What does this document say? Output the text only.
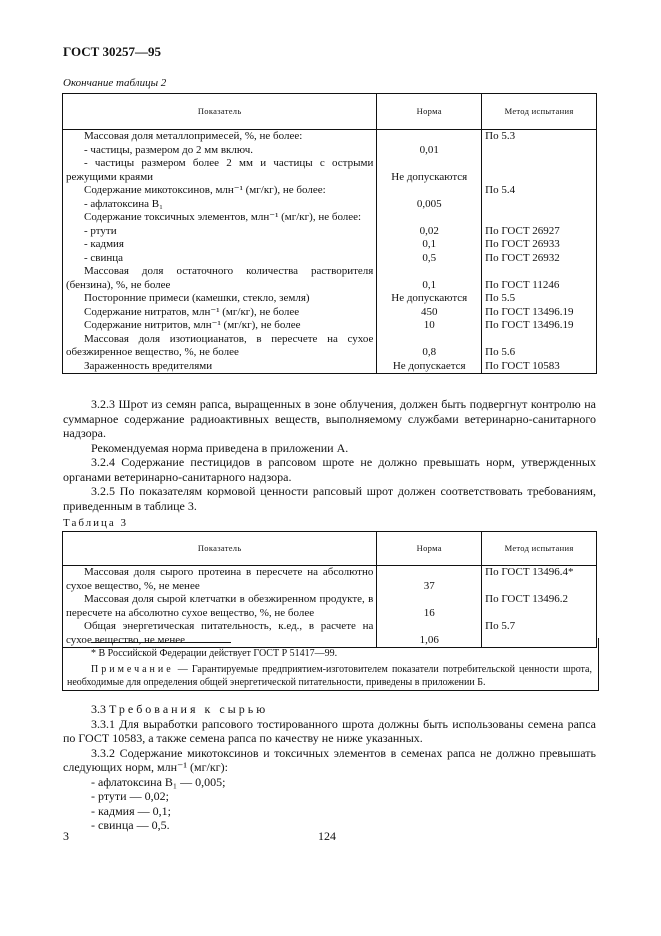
ГОСТ 30257—95
Окончание таблицы 2
Показатель	Норма	Метод испытания
Массовая доля металлопримесей, %, не более:		По 5.3
- частицы, размером до 2 мм включ.	0,01	
- частицы размером более 2 мм и частицы с острыми режущими краями	Не допускаются	
Содержание микотоксинов, млн⁻¹ (мг/кг), не более:		По 5.4
- афлатоксина B₁	0,005	
Содержание токсичных элементов, млн⁻¹ (мг/кг), не более:		
- ртути	0,02	По ГОСТ 26927
- кадмия	0,1	По ГОСТ 26933
- свинца	0,5	По ГОСТ 26932
Массовая доля остаточного количества растворителя (бензина), %, не более	0,1	По ГОСТ 11246
Посторонние примеси (камешки, стекло, земля)	Не допускаются	По 5.5
Содержание нитратов, млн⁻¹ (мг/кг), не более	450	По ГОСТ 13496.19
Содержание нитритов, млн⁻¹ (мг/кг), не более	10	По ГОСТ 13496.19
Массовая доля изотиоцианатов, в пересчете на сухое обезжиренное вещество, %, не более	0,8	По 5.6
Зараженность вредителями	Не допускается	По ГОСТ 10583
3.2.3 Шрот из семян рапса, выращенных в зоне облучения, должен быть подвергнут контролю на суммарное содержание радиоактивных веществ, выполняемому службами ветеринарно-санитарного надзора.
Рекомендуемая норма приведена в приложении А.
3.2.4 Содержание пестицидов в рапсовом шроте не должно превышать норм, утвержденных органами ветеринарно-санитарного надзора.
3.2.5 По показателям кормовой ценности рапсовый шрот должен соответствовать требованиям, приведенным в таблице 3.
Таблица 3
Показатель	Норма	Метод испытания
Массовая доля сырого протеина в пересчете на абсолютно сухое вещество, %, не менее	37	По ГОСТ 13496.4*
Массовая доля сырой клетчатки в обезжиренном продукте, в пересчете на абсолютно сухое вещество, %, не более	16	По ГОСТ 13496.2
Общая энергетическая питательность, к.ед., в расчете на сухое вещество, не менее	1,06	По 5.7
* В Российской Федерации действует ГОСТ Р 51417—99.
Примечание — Гарантируемые предприятием-изготовителем показатели потребительской ценности шрота, необходимые для определения общей энергетической питательности, приведены в приложении Б.
3.3 Требования к сырью
3.3.1 Для выработки рапсового тостированного шрота должны быть использованы семена рапса по ГОСТ 10583, а также семена рапса по качеству не ниже указанных.
3.3.2 Содержание микотоксинов и токсичных элементов в семенах рапса не должно превышать следующих норм, млн⁻¹ (мг/кг):
- афлатоксина B₁ — 0,005;
- ртути — 0,02;
- кадмия — 0,1;
- свинца — 0,5.
3	124
